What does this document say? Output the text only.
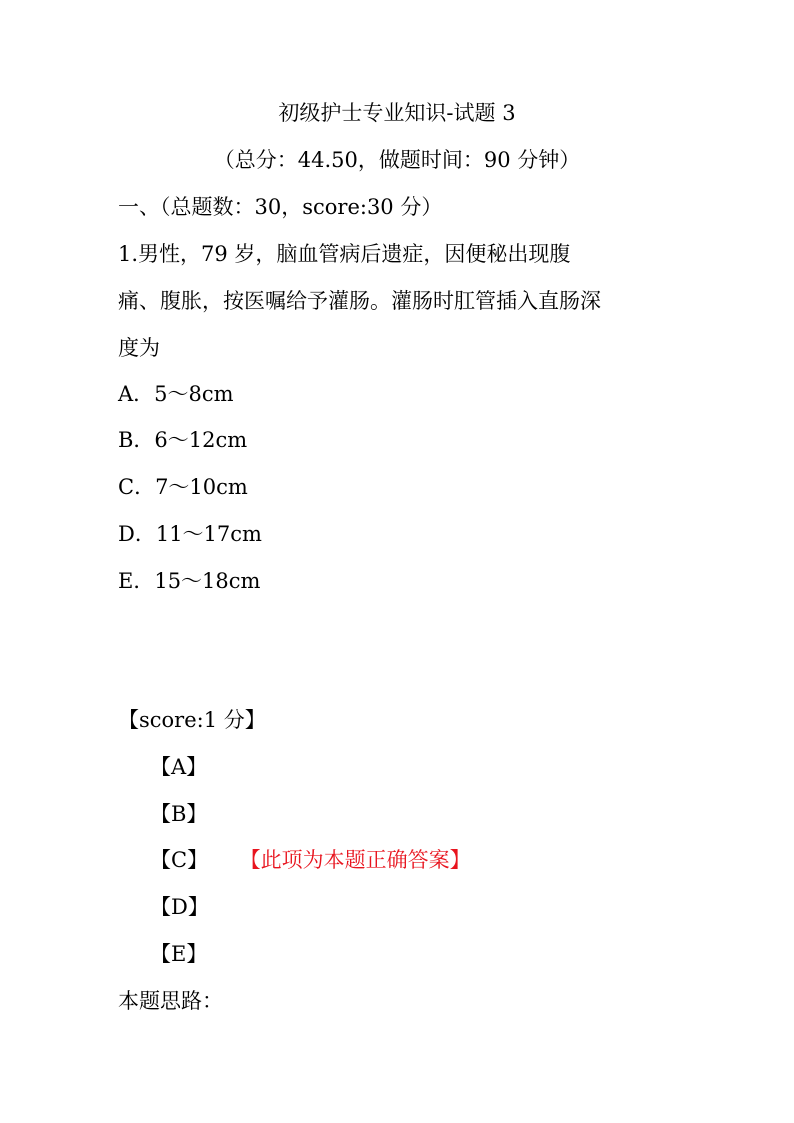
初级护士专业知识-试题 3
（总分：44.50，做题时间：90 分钟）
一、（总题数：30，score:30 分）
1.男性，79 岁，脑血管病后遗症，因便秘出现腹
痛、腹胀，按医嘱给予灌肠。灌肠时肛管插入直肠深
度为
A．5～8cm
B．6～12cm
C．7～10cm
D．11～17cm
E．15～18cm
【score:1 分】
【A】
【B】
【C】 【此项为本题正确答案】
【D】
【E】
本题思路：
